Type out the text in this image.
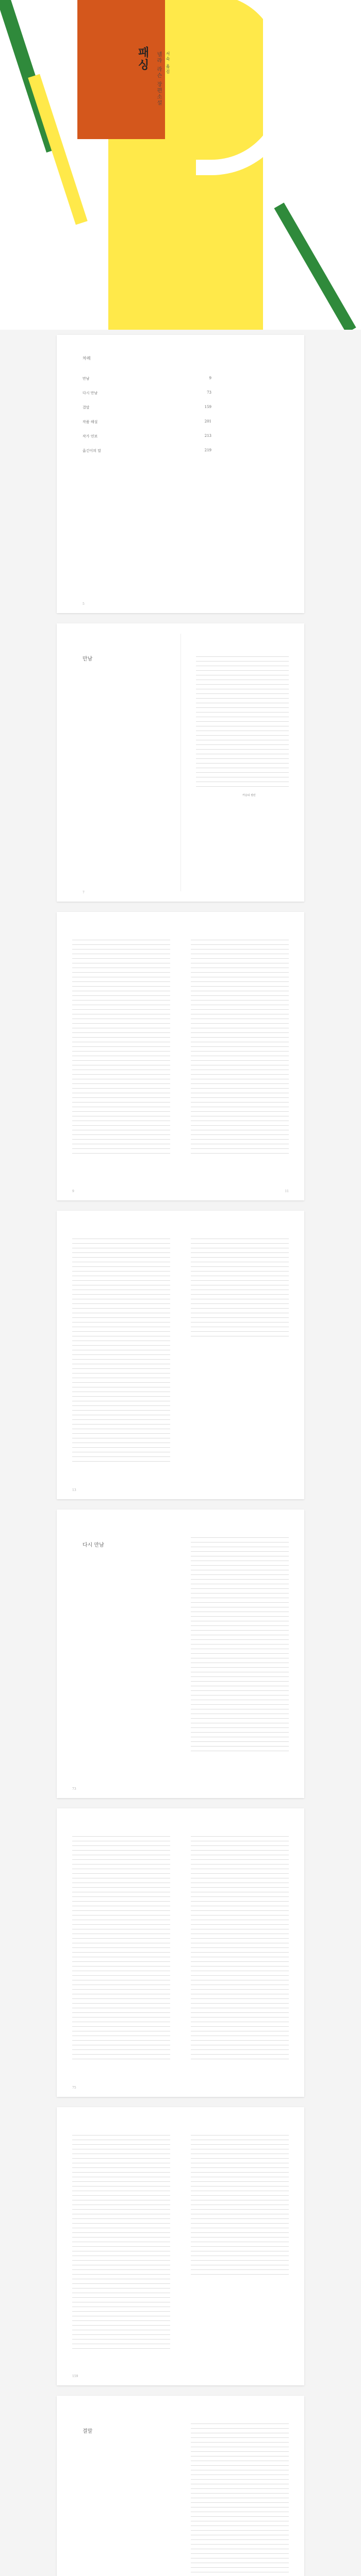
패싱	넬라 라슨 장편소설 서숙 옮김
차례
만남	9
다시 만남	73
결말	159
작품 해설	201
작가 연보	213
옮긴이의 말	219
5
만남
카운티 컬런
7
9	11
13
다시 만남
73
75
159
결말
